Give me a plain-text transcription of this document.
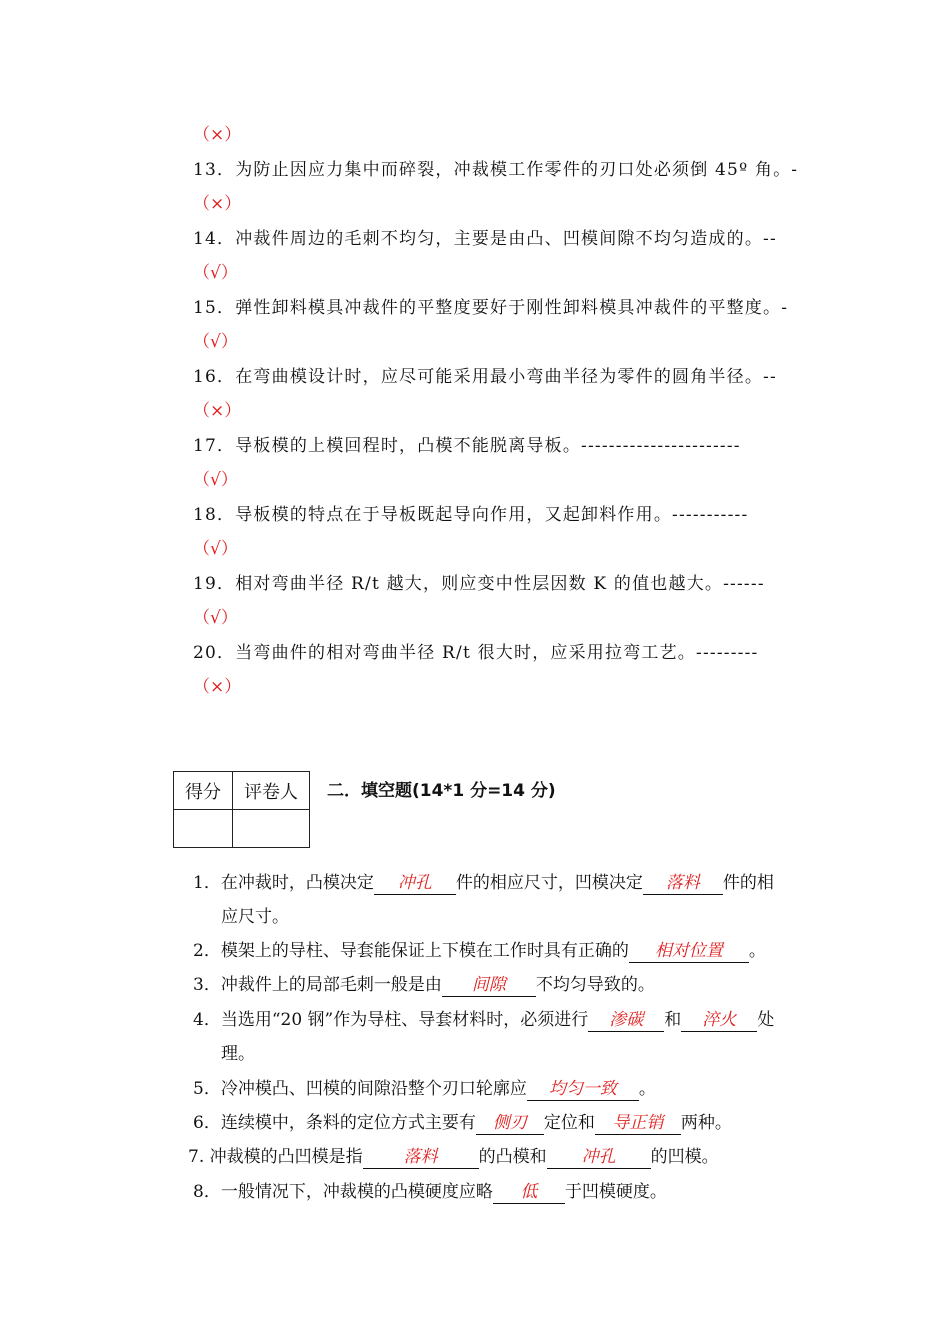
（×）
13．为防止因应力集中而碎裂，冲裁模工作零件的刃口处必须倒 45º 角。-
（×）
14．冲裁件周边的毛刺不均匀，主要是由凸、凹模间隙不均匀造成的。--
（√）
15．弹性卸料模具冲裁件的平整度要好于刚性卸料模具冲裁件的平整度。-
（√）
16．在弯曲模设计时，应尽可能采用最小弯曲半径为零件的圆角半径。--
（×）
17．导板模的上模回程时，凸模不能脱离导板。-----------------------
（√）
18．导板模的特点在于导板既起导向作用，又起卸料作用。-----------
（√）
19．相对弯曲半径 R/t 越大，则应变中性层因数 K 的值也越大。------
（√）
20．当弯曲件的相对弯曲半径 R/t 很大时，应采用拉弯工艺。---------
（×）
得分	评卷人
	二．填空题(14*1 分=14 分)
1．在冲裁时，凸模决定 冲孔 件的相应尺寸，凹模决定 落料 件的相
应尺寸。
2．模架上的导柱、导套能保证上下模在工作时具有正确的 相对位置 。
3．冲裁件上的局部毛刺一般是由 间隙 不均匀导致的。
4．当选用“20 钢”作为导柱、导套材料时，必须进行 渗碳 和 淬火 处
理。
5．冷冲模凸、凹模的间隙沿整个刃口轮廓应 均匀一致 。
6．连续模中，条料的定位方式主要有 侧刃 定位和 导正销 两种。
7. 冲裁模的凸凹模是指 落料 的凸模和 冲孔 的凹模。
8．一般情况下，冲裁模的凸模硬度应略 低 于凹模硬度。
